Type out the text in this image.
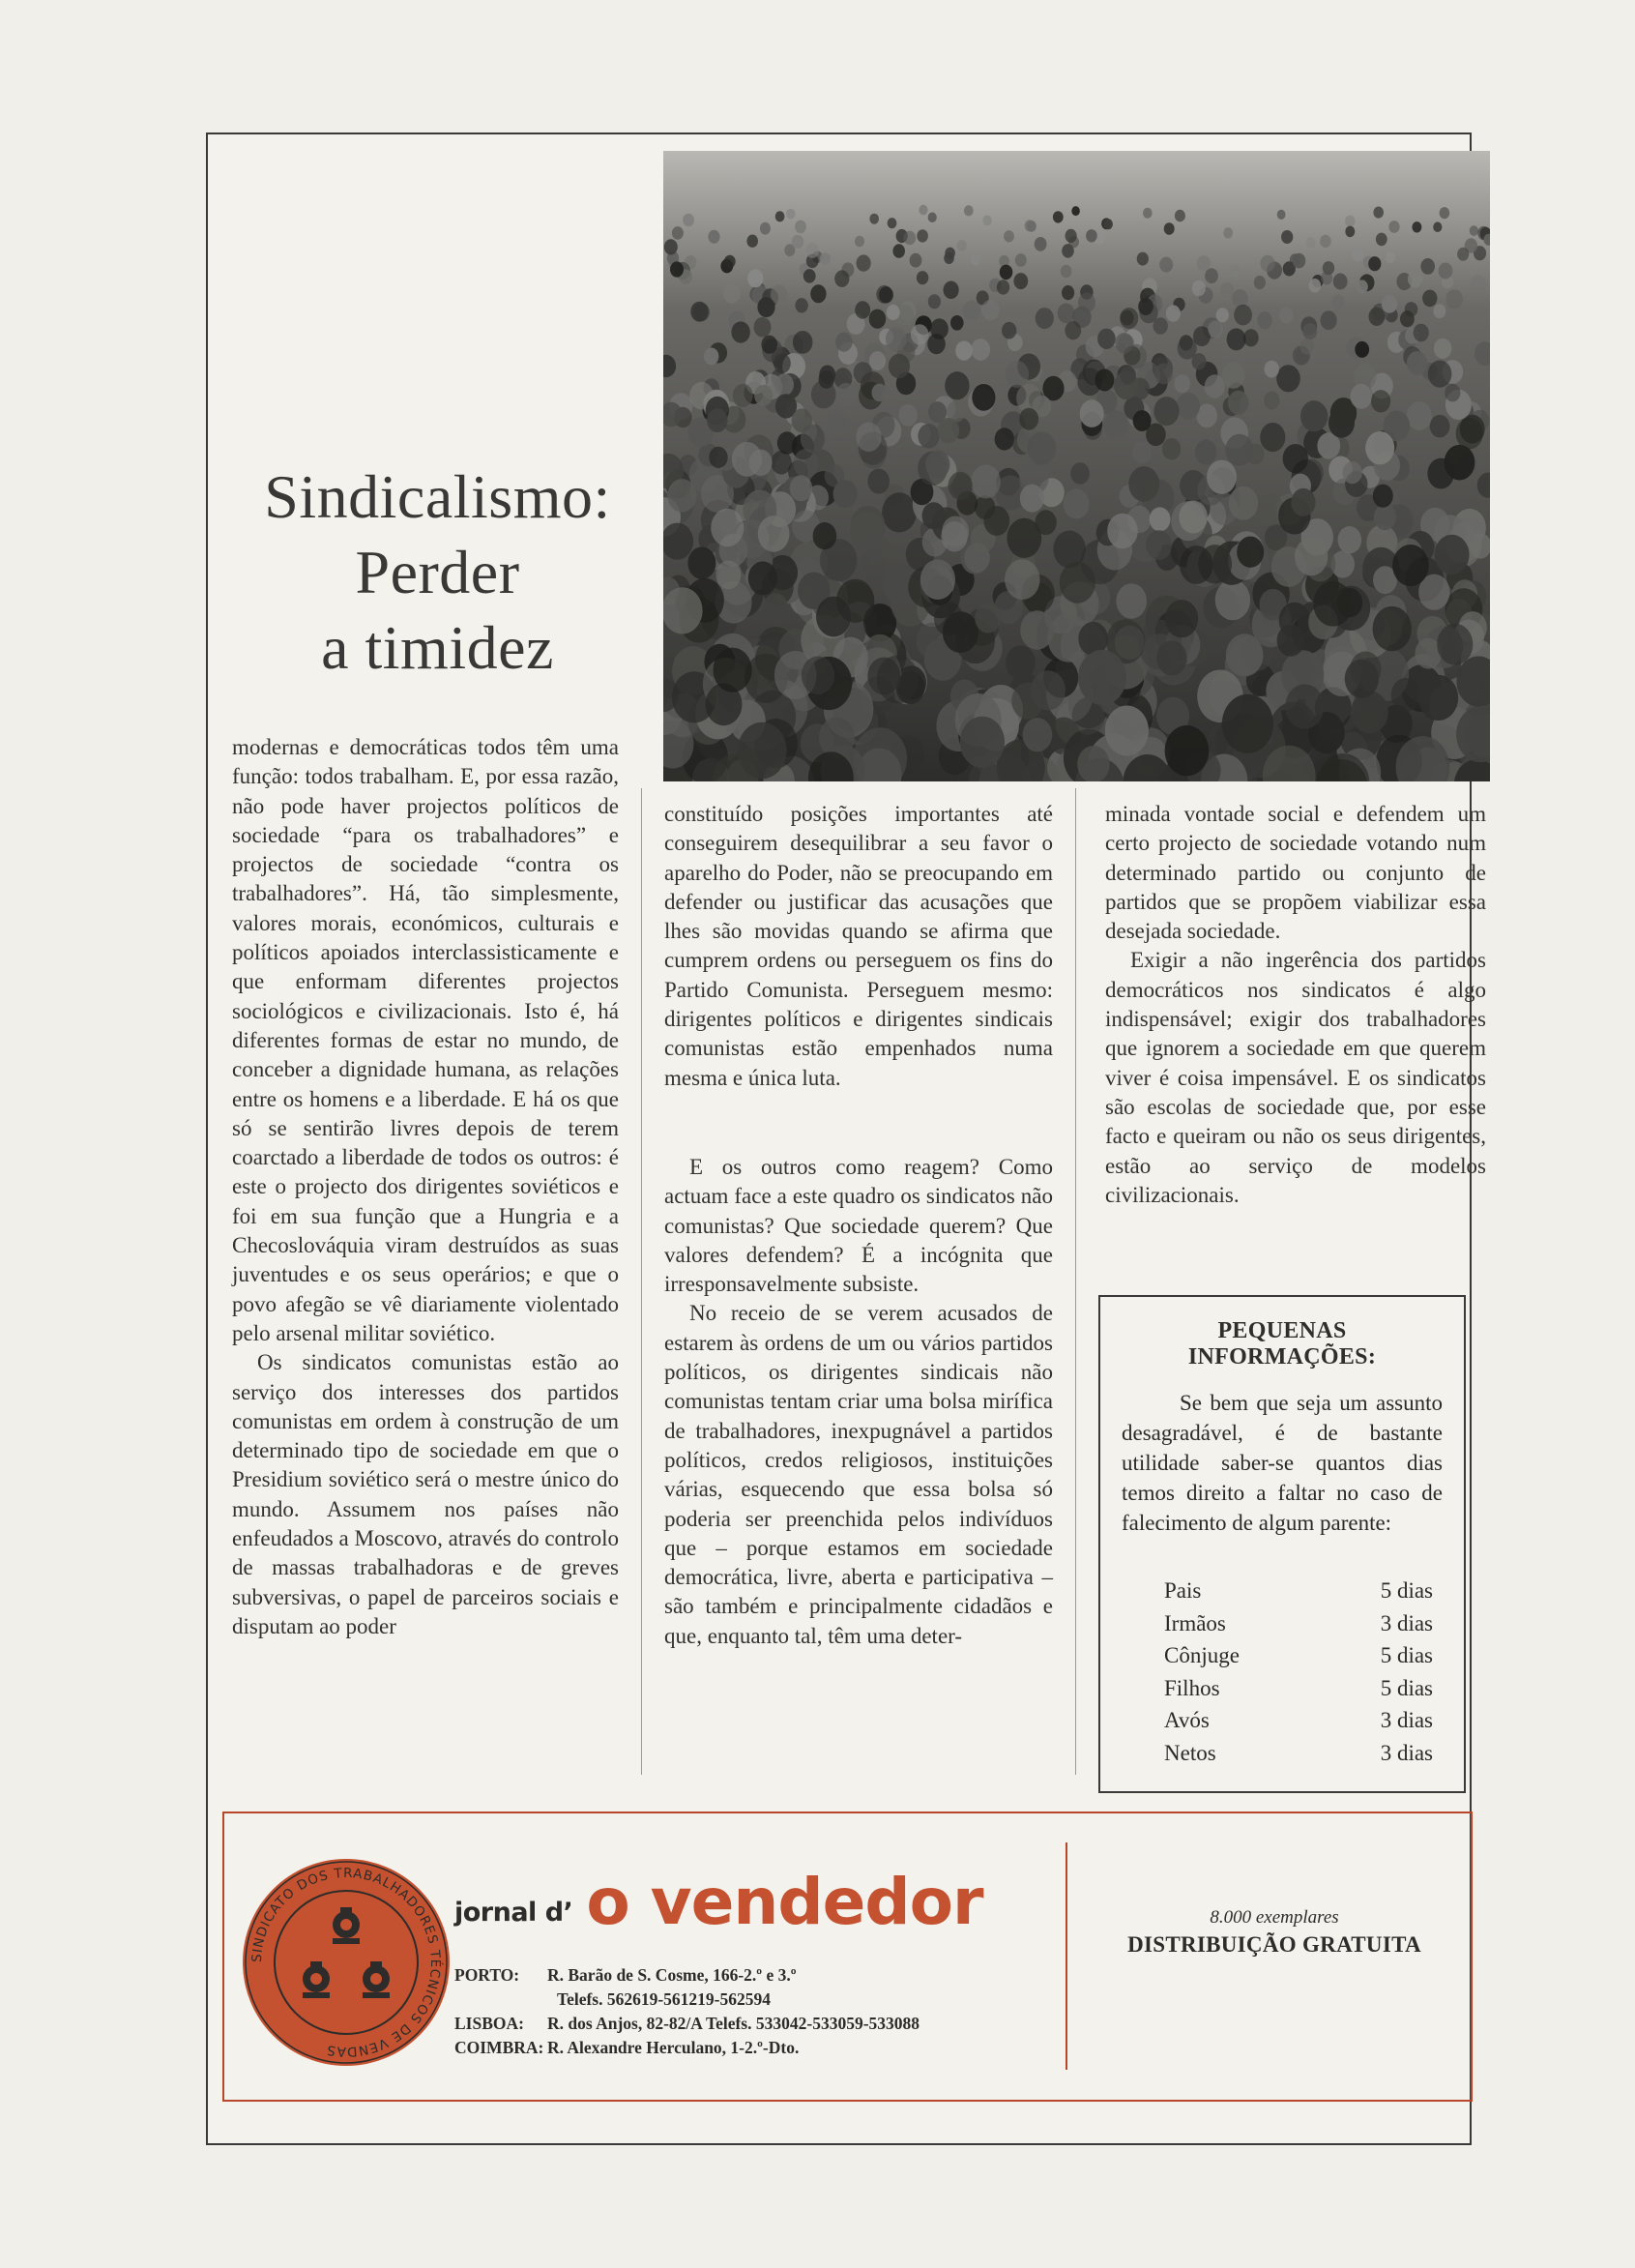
Sindicalismo:
Perder
a timidez

modernas e democráticas todos têm uma função: todos trabalham. E, por essa razão, não pode haver projectos políticos de sociedade “para os trabalhadores” e projectos de sociedade “contra os trabalhadores”. Há, tão simplesmente, valores morais, económicos, culturais e políticos apoiados interclassisticamente e que enformam diferentes projectos sociológicos e civilizacionais. Isto é, há diferentes formas de estar no mundo, de conceber a dignidade humana, as relações entre os homens e a liberdade. E há os que só se sentirão livres depois de terem coarctado a liberdade de todos os outros: é este o projecto dos dirigentes soviéticos e foi em sua função que a Hungria e a Checoslováquia viram destruídos as suas juventudes e os seus operários; e que o povo afegão se vê diariamente violentado pelo arsenal militar soviético.

Os sindicatos comunistas estão ao serviço dos interesses dos partidos comunistas em ordem à construção de um determinado tipo de sociedade em que o Presidium soviético será o mestre único do mundo. Assumem nos países não enfeudados a Moscovo, através do controlo de massas trabalhadoras e de greves subversivas, o papel de parceiros sociais e disputam ao poder

constituído posições importantes até conseguirem desequilibrar a seu favor o aparelho do Poder, não se preocupando em defender ou justificar das acusações que lhes são movidas quando se afirma que cumprem ordens ou perseguem os fins do Partido Comunista. Perseguem mesmo: dirigentes políticos e dirigentes sindicais comunistas estão empenhados numa mesma e única luta.

E os outros como reagem? Como actuam face a este quadro os sindicatos não comunistas? Que sociedade querem? Que valores defendem? É a incógnita que irresponsavelmente subsiste.

No receio de se verem acusados de estarem às ordens de um ou vários partidos políticos, os dirigentes sindicais não comunistas tentam criar uma bolsa mirífica de trabalhadores, inexpugnável a partidos políticos, credos religiosos, instituições várias, esquecendo que essa bolsa só poderia ser preenchida pelos indivíduos que – porque estamos em sociedade democrática, livre, aberta e participativa – são também e principalmente cidadãos e que, enquanto tal, têm uma deter-

minada vontade social e defendem um certo projecto de sociedade votando num determinado partido ou conjunto de partidos que se propõem viabilizar essa desejada sociedade.

Exigir a não ingerência dos partidos democráticos nos sindicatos é algo indispensável; exigir dos trabalhadores que ignorem a sociedade em que querem viver é coisa impensável. E os sindicatos são escolas de sociedade que, por esse facto e queiram ou não os seus dirigentes, estão ao serviço de modelos civilizacionais.

PEQUENAS INFORMAÇÕES:

Se bem que seja um assunto desagradável, é de bastante utilidade saber-se quantos dias temos direito a faltar no caso de falecimento de algum parente:

Pais	5 dias
Irmãos	3 dias
Cônjuge	5 dias
Filhos	5 dias
Avós	3 dias
Netos	3 dias
SINDICATO DOS TRABALHADORES TÉCNICOS DE VENDAS
jornal d’ o vendedor
PORTO:	R. Barão de S. Cosme, 166-2.º e 3.º
Telefs. 562619-561219-562594
LISBOA:	R. dos Anjos, 82-82/A Telefs. 533042-533059-533088
COIMBRA: R. Alexandre Herculano, 1-2.º-Dto.
8.000 exemplares
DISTRIBUIÇÃO GRATUITA
